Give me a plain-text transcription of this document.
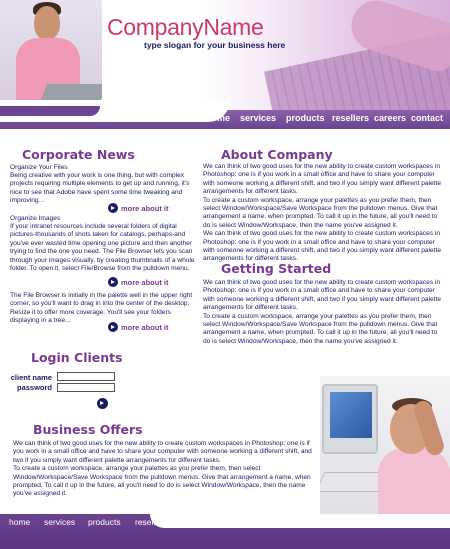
CompanyName
type slogan for your business here
home services products resellers careers contact
Corporate News
Organize Your Files
Being creative with your work is one thing, but with complex projects requiring multiple elements to get up and running, it's nice to see that Adobe have spent some time tweaking and improving...
more about it
Organize Images
If your intranet resources include several folders of digital pictures-thousands of shots taken for catalogs, perhaps-and you've ever wasted time opening one picture and then another trying to find the one you need. The File Browser lets you scan through your images visually, by creating thumbnails of a whole folder. To open it, select File/Browse from the pulldown menu.
more about it
The File Browser is initially in the palette well in the upper right corner, so you'll want to drag in into the center of the desktop. Resize it to offer more coverage. You'll see your folders displaying in a tree...
more about it
About Company
We can think of two good uses for the new ability to create custom workspaces in Photoshop: one is if you work in a small office and have to share your computer with someone working a different shift, and two if you simply want different palette arrangements for different tasks.
To create a custom workspace, arrange your palettes as you prefer them, then select Window/Workspace/Save Workspace from the pulldown menus. Give that arrangement a name, when prompted. To call it up in the future, all you'll need to do is select Window/Workspace, then the name you've assigned it.
We can think of two good uses for the new ability to create custom workspaces in Photoshop: one is if you work in a small office and have to share your computer with someone working a different shift, and two if you simply want different palette arrangements for different tasks.
Getting Started
We can think of two good uses for the new ability to create custom workspaces in Photoshop: one is if you work in a small office and have to share your computer with someone working a different shift, and two if you simply want different palette arrangements for different tasks.
To create a custom workspace, arrange your palettes as you prefer them, then select Window/Workspace/Save Workspace from the pulldown menus. Give that arrangement a name, when prompted. To call it up in the future, all you'll need to do is select Window/Workspace, then the name you've assigned it.
Login Clients
client name
password
Business Offers
We can think of two good uses for the new ability to create custom workspaces in Photoshop: one is if you work in a small office and have to share your computer with someone working a different shift, and two if you simply want different palette arrangements for different tasks.
To create a custom workspace, arrange your palettes as you prefer them, then select Window/Workspace/Save Workspace from the pulldown menus. Give that arrangement a name, when prompted. To call it up in the future, all you'll need to do is select Window/Workspace, then the name you've assigned it.
home services products resellers careers contact	Copyright 2003 CompanyName All rights reserved
